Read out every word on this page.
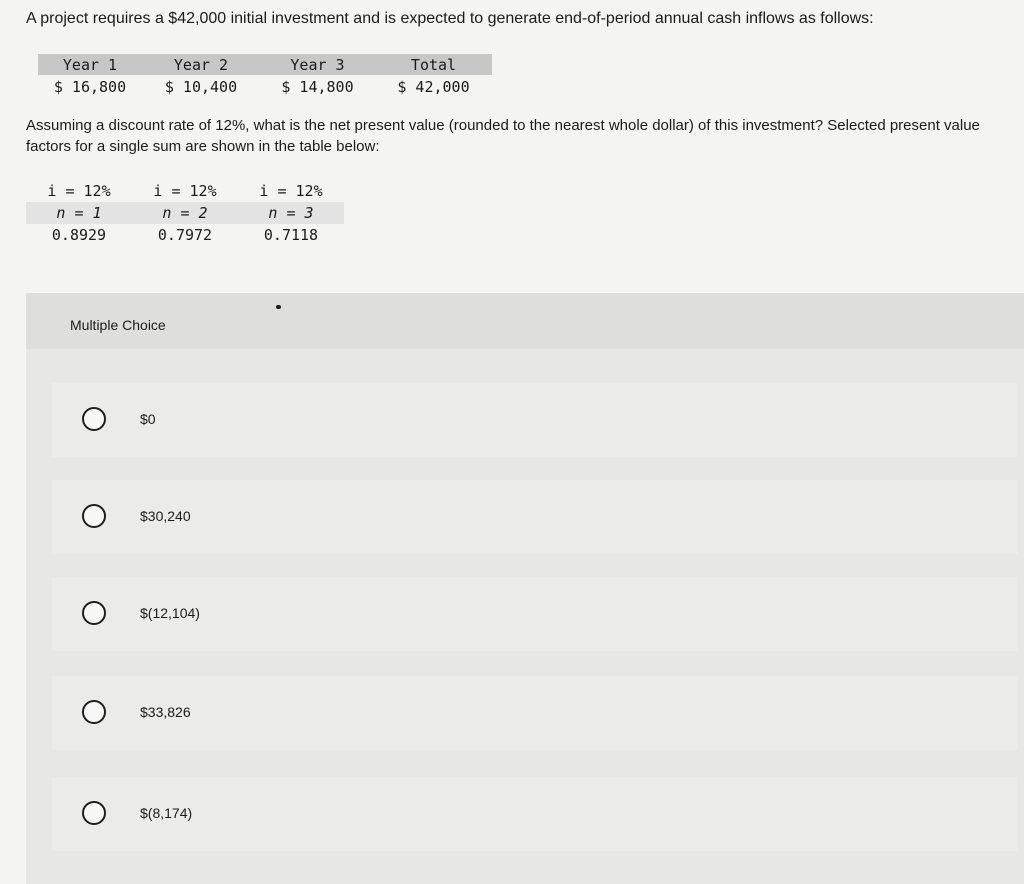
A project requires a $42,000 initial investment and is expected to generate end-of-period annual cash inflows as follows:

Year 1	Year 2	Year 3	Total
$ 16,800	$ 10,400	$ 14,800	$ 42,000

Assuming a discount rate of 12%, what is the net present value (rounded to the nearest whole dollar) of this investment? Selected present value factors for a single sum are shown in the table below:

i = 12%	i = 12%	i = 12%
n = 1	n = 2	n = 3
0.8929	0.7972	0.7118
Multiple Choice
$0
$30,240
$(12,104)
$33,826
$(8,174)
